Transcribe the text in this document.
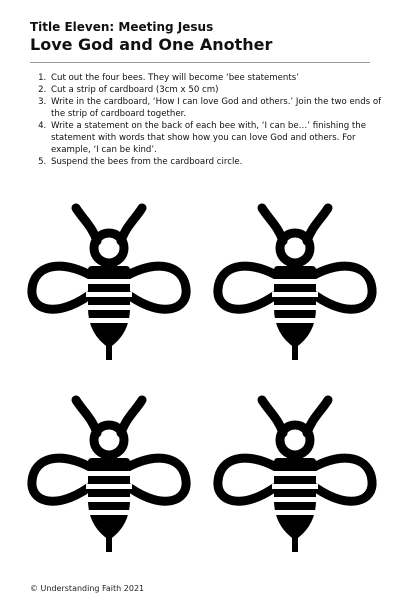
Title Eleven: Meeting Jesus
Love God and One Another
1. Cut out the four bees. They will become ‘bee statements’
2. Cut a strip of cardboard (3cm x 50 cm)
3. Write in the cardboard, ‘How I can love God and others.’ Join the two ends of the strip of cardboard together.
4. Write a statement on the back of each bee with, ‘I can be…’ finishing the statement with words that show how you can love God and others. For example, ‘I can be kind’.
5. Suspend the bees from the cardboard circle.
© Understanding Faith 2021
